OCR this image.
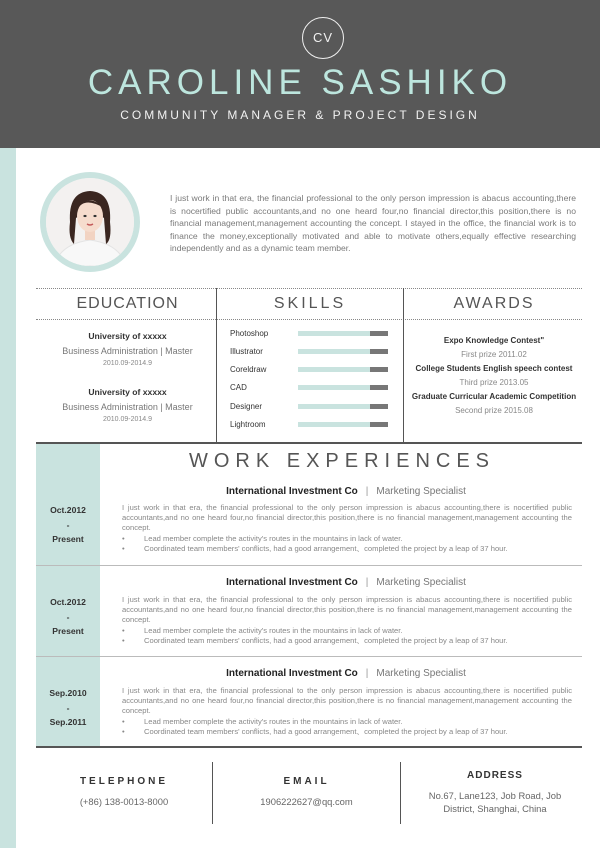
CV
CAROLINE SASHIKO
COMMUNITY MANAGER & PROJECT DESIGN
I just work in that era, the financial professional to the only person impression is abacus accounting,there is nocertified public accountants,and no one heard four,no financial director,this position,there is no financial management,management accounting the concept. I stayed in the office, the financial work is to finance the money,exceptionally motivated and able to motivate others,equally effective researching independently and as a dynamic team member.
EDUCATION	SKILLS	AWARDS
University of xxxxx
Business Administration | Master
2010.09-2014.9
University of xxxxx
Business Administration | Master
2010.09-2014.9
Photoshop
Illustrator
Coreldraw
CAD
Designer
Lightroom
Expo Knowledge Contest"
First prize 2011.02
College Students English speech contest
Third prize 2013.05
Graduate Curricular Academic Competition
Second prize 2015.08
WORK EXPERIENCES
Oct.2012
-
Present
International Investment Co | Marketing Specialist
I just work in that era, the financial professional to the only person impression is abacus accounting,there is nocertified public accountants,and no one heard four,no financial director,this position,there is no financial management,management accounting the concept.
• Lead member complete the activity's routes in the mountains in lack of water.
• Coordinated team members' conflicts, had a good arrangement、completed the project by a leap of 37 hour.
Oct.2012
-
Present
International Investment Co | Marketing Specialist
I just work in that era, the financial professional to the only person impression is abacus accounting,there is nocertified public accountants,and no one heard four,no financial director,this position,there is no financial management,management accounting the concept.
• Lead member complete the activity's routes in the mountains in lack of water.
• Coordinated team members' conflicts, had a good arrangement、completed the project by a leap of 37 hour.
Sep.2010
-
Sep.2011
International Investment Co | Marketing Specialist
I just work in that era, the financial professional to the only person impression is abacus accounting,there is nocertified public accountants,and no one heard four,no financial director,this position,there is no financial management,management accounting the concept.
• Lead member complete the activity's routes in the mountains in lack of water.
• Coordinated team members' conflicts, had a good arrangement、completed the project by a leap of 37 hour.
TELEPHONE
(+86) 138-0013-8000
EMAIL
1906222627@qq.com
ADDRESS
No.67, Lane123, Job Road, Job
District, Shanghai, China
